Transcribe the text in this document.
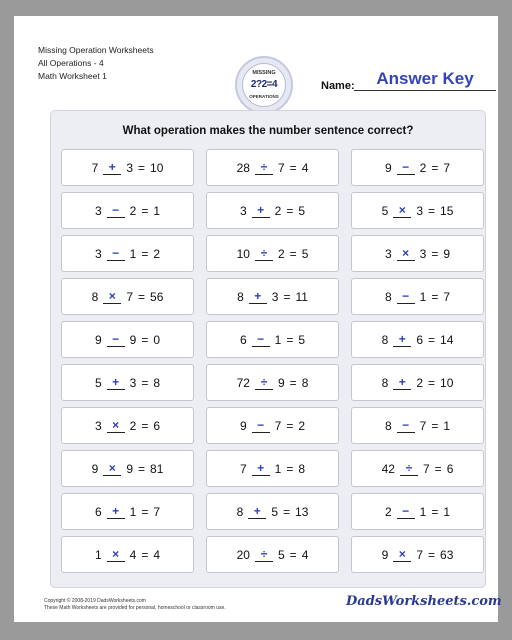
Missing Operation Worksheets
All Operations - 4
Math Worksheet 1	MISSING
2?2=4
OPERATIONS
Name:	Answer Key
What operation makes the number sentence correct?
7 + 3 = 10	28 ÷ 7 = 4	9 − 2 = 7
3 − 2 = 1	3 + 2 = 5	5 × 3 = 15
3 − 1 = 2	10 ÷ 2 = 5	3 × 3 = 9
8 × 7 = 56	8 + 3 = 11	8 − 1 = 7
9 − 9 = 0	6 − 1 = 5	8 + 6 = 14
5 + 3 = 8	72 ÷ 9 = 8	8 + 2 = 10
3 × 2 = 6	9 − 7 = 2	8 − 7 = 1
9 × 9 = 81	7 + 1 = 8	42 ÷ 7 = 6
6 + 1 = 7	8 + 5 = 13	2 − 1 = 1
1 × 4 = 4	20 ÷ 5 = 4	9 × 7 = 63
Copyright © 2008-2019 DadsWorksheets.com
These Math Worksheets are provided for personal, homeschool or classroom use.	DadsWorksheets.com
